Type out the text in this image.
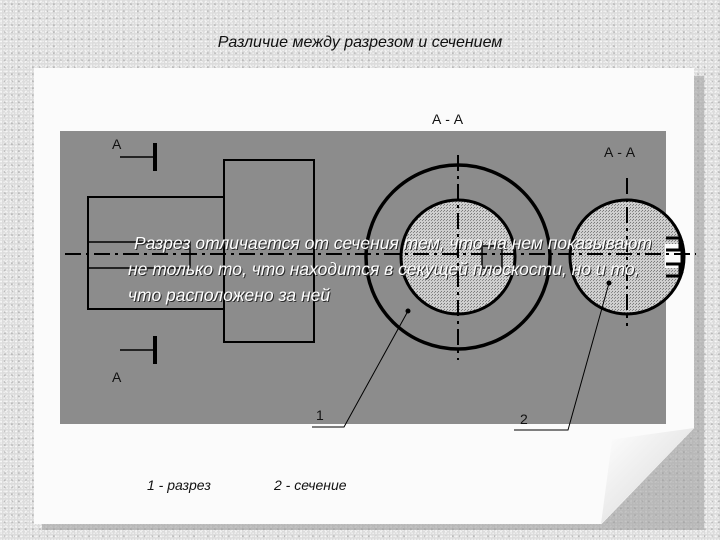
Различие между разрезом и сечением
А
А
А - А
А - А
1	2
Разрез отличается от сечения тем, что на нем показывают не только то, что находится в секущей плоскости, но и то, что расположено за ней
1 - разрез	2 - сечение
